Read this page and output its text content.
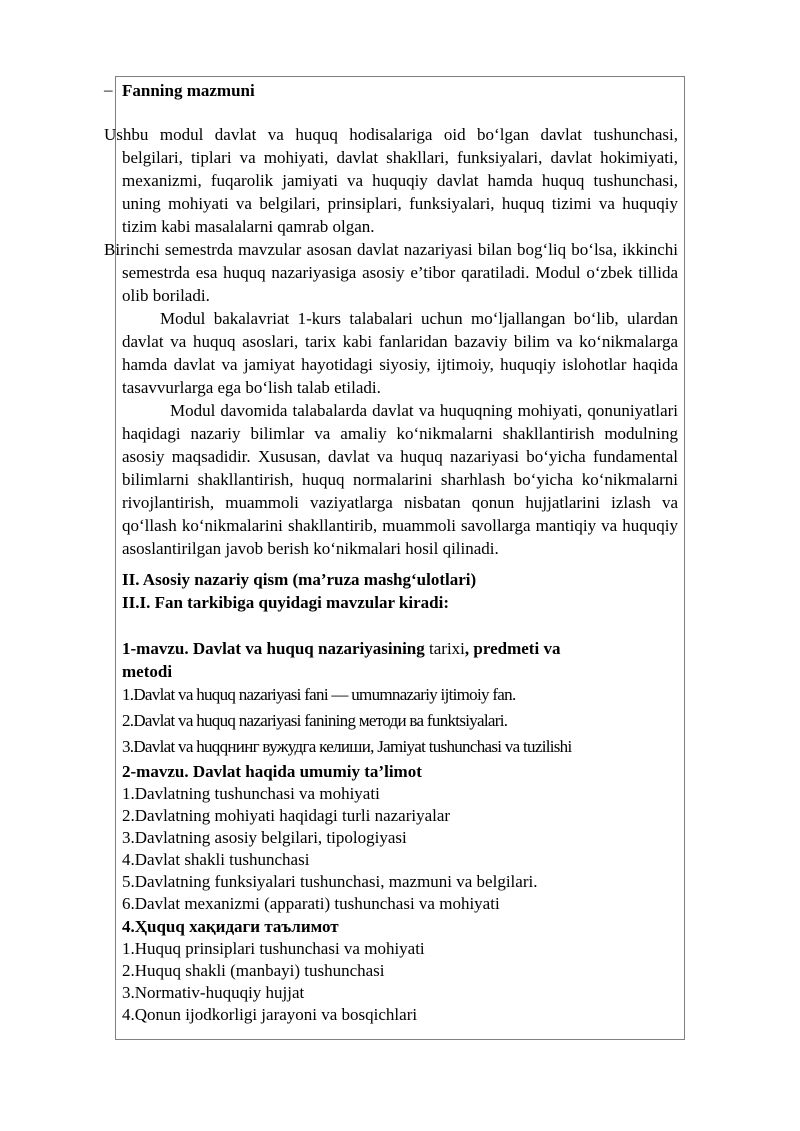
– Fanning mazmuni

Ushbu modul davlat va huquq hodisalariga oid bo‘lgan davlat tushunchasi, belgilari, tiplari va mohiyati, davlat shakllari, funksiyalari, davlat hokimiyati, mexanizmi, fuqarolik jamiyati va huquqiy davlat hamda huquq tushunchasi, uning mohiyati va belgilari, prinsiplari, funksiyalari, huquq tizimi va huquqiy tizim kabi masalalarni qamrab olgan.

Birinchi semestrda mavzular asosan davlat nazariyasi bilan bog‘liq bo‘lsa, ikkinchi semestrda esa huquq nazariyasiga asosiy e’tibor qaratiladi. Modul o‘zbek tillida olib boriladi.

Modul bakalavriat 1-kurs talabalari uchun mo‘ljallangan bo‘lib, ulardan davlat va huquq asoslari, tarix kabi fanlaridan bazaviy bilim va ko‘nikmalarga hamda davlat va jamiyat hayotidagi siyosiy, ijtimoiy, huquqiy islohotlar haqida tasavvurlarga ega bo‘lish talab etiladi.

Modul davomida talabalarda davlat va huquqning mohiyati, qonuniyatlari haqidagi nazariy bilimlar va amaliy ko‘nikmalarni shakllantirish modulning asosiy maqsadidir. Xususan, davlat va huquq nazariyasi bo‘yicha fundamental bilimlarni shakllantirish, huquq normalarini sharhlash bo‘yicha ko‘nikmalarni rivojlantirish, muammoli vaziyatlarga nisbatan qonun hujjatlarini izlash va qo‘llash ko‘nikmalarini shakllantirib, muammoli savollarga mantiqiy va huquqiy asoslantirilgan javob berish ko‘nikmalari hosil qilinadi.

II. Asosiy nazariy qism (ma’ruza mashg‘ulotlari)

II.I. Fan tarkibiga quyidagi mavzular kiradi:

1-mavzu. Davlat va huquq nazariyasining tarixi, predmeti va

metodi

1.Davlat va huquq nazariyasi fani — umumnazariy ijtimoiy fan.

2.Davlat va huquq nazariyasi fanining методи ва funktsiyalari.

3.Davlat va huqqнинг вужудга келиши, Jamiyat tushunchasi va tuzilishi

2-mavzu. Davlat haqida umumiy ta’limot

1.Davlatning tushunchasi va mohiyati

2.Davlatning mohiyati haqidagi turli nazariyalar

3.Davlatning asosiy belgilari, tipologiyasi

4.Davlat shakli tushunchasi

5.Davlatning funksiyalari tushunchasi, mazmuni va belgilari.

6.Davlat mexanizmi (apparati) tushunchasi va mohiyati

4.Ҳuquq хақидаги таълимот

1.Huquq prinsiplari tushunchasi va mohiyati

2.Huquq shakli (manbayi) tushunchasi

3.Normativ-huquqiy hujjat

4.Qonun ijodkorligi jarayoni va bosqichlari
